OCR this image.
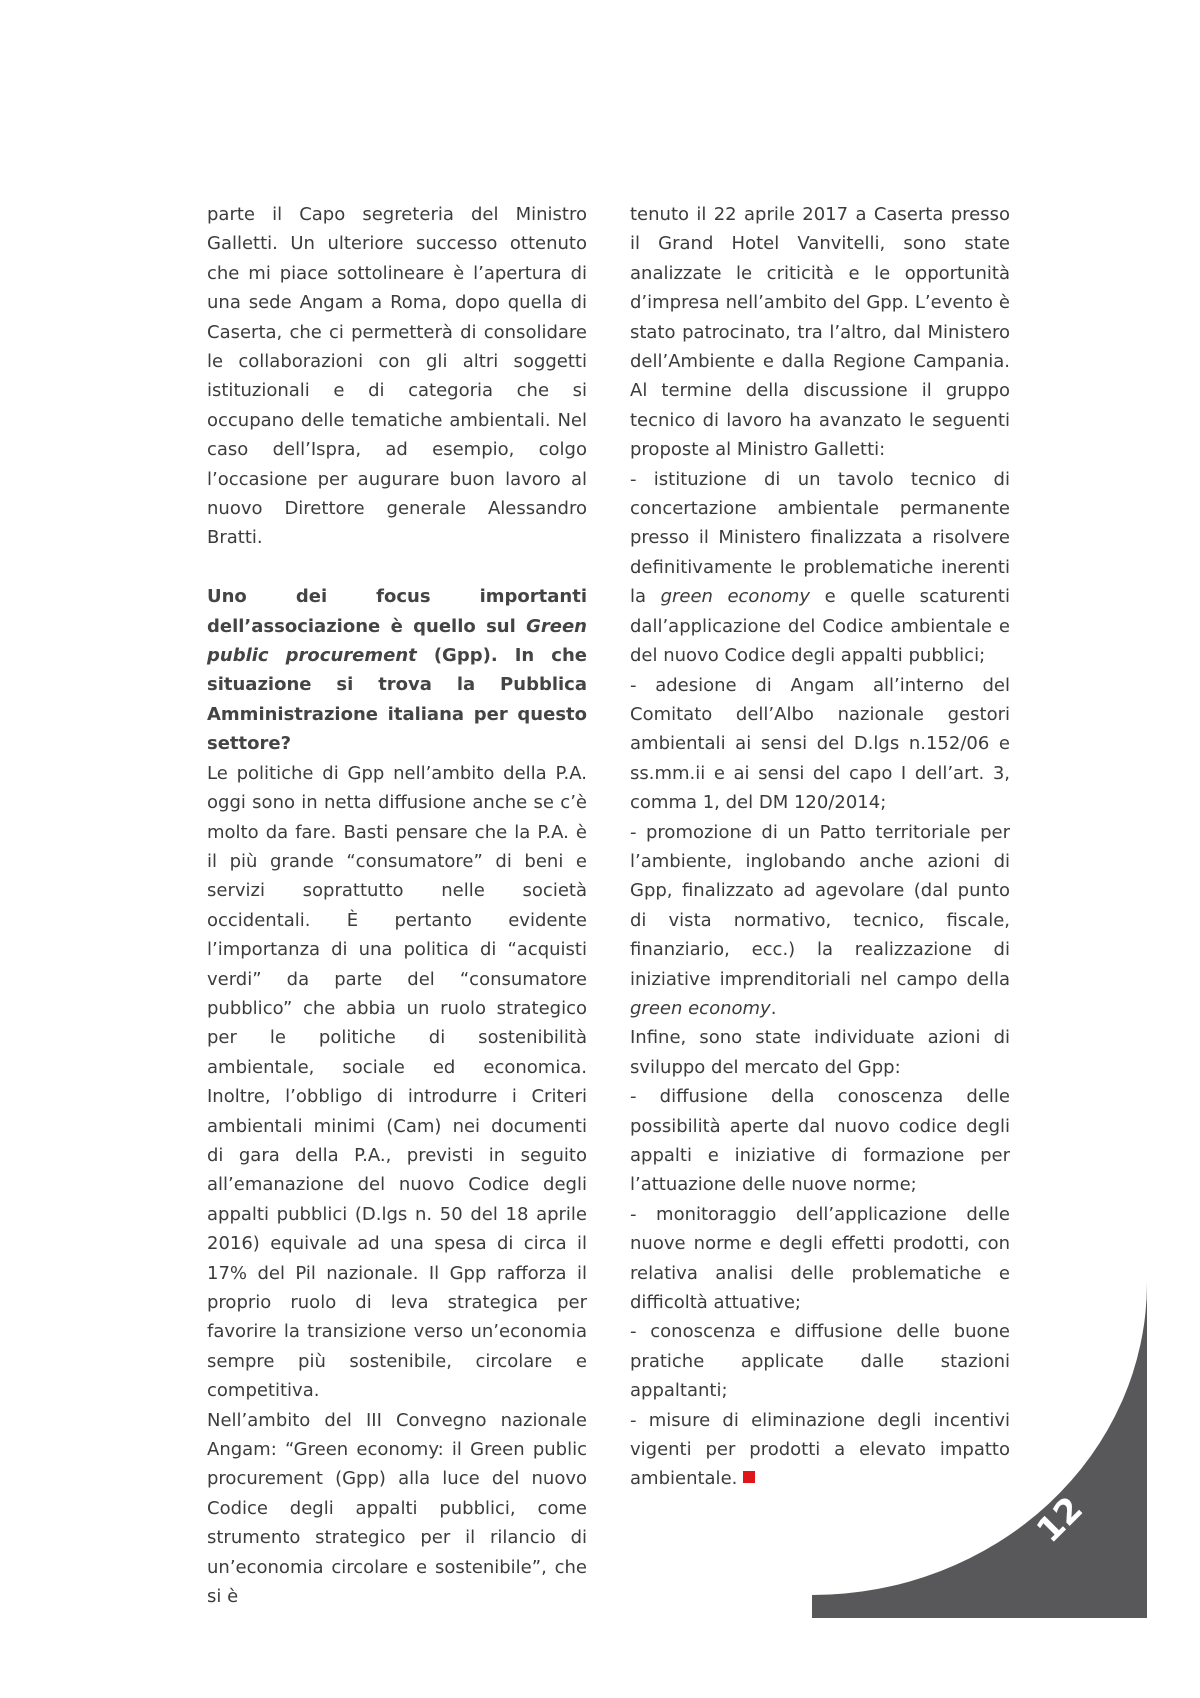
parte il Capo segreteria del Ministro Galletti. Un ulteriore successo ottenuto che mi piace sottolineare è l’apertura di una sede Angam a Roma, dopo quella di Caserta, che ci permetterà di consolidare le collaborazioni con gli altri soggetti istituzionali e di categoria che si occupano delle tematiche ambientali. Nel caso dell’Ispra, ad esempio, colgo l’occasione per augurare buon lavoro al nuovo Direttore generale Alessandro Bratti.

Uno dei focus importanti dell’associazione è quello sul Green public procurement (Gpp). In che situazione si trova la Pubblica Amministrazione italiana per questo settore?

Le politiche di Gpp nell’ambito della P.A. oggi sono in netta diffusione anche se c’è molto da fare. Basti pensare che la P.A. è il più grande “consumatore” di beni e servizi soprattutto nelle società occidentali. È pertanto evidente l’importanza di una politica di “acquisti verdi” da parte del “consumatore pubblico” che abbia un ruolo strategico per le politiche di sostenibilità ambientale, sociale ed economica. Inoltre, l’obbligo di introdurre i Criteri ambientali minimi (Cam) nei documenti di gara della P.A., previsti in seguito all’emanazione del nuovo Codice degli appalti pubblici (D.lgs n. 50 del 18 aprile 2016) equivale ad una spesa di circa il 17% del Pil nazionale. Il Gpp rafforza il proprio ruolo di leva strategica per favorire la transizione verso un’economia sempre più sostenibile, circolare e competitiva.

Nell’ambito del III Convegno nazionale Angam: “Green economy: il Green public procurement (Gpp) alla luce del nuovo Codice degli appalti pubblici, come strumento strategico per il rilancio di un’economia circolare e sostenibile”, che si è

tenuto il 22 aprile 2017 a Caserta presso il Grand Hotel Vanvitelli, sono state analizzate le criticità e le opportunità d’impresa nell’ambito del Gpp. L’evento è stato patrocinato, tra l’altro, dal Ministero dell’Ambiente e dalla Regione Campania. Al termine della discussione il gruppo tecnico di lavoro ha avanzato le seguenti proposte al Ministro Galletti:

- istituzione di un tavolo tecnico di concertazione ambientale permanente presso il Ministero finalizzata a risolvere definitivamente le problematiche inerenti la green economy e quelle scaturenti dall’applicazione del Codice ambientale e del nuovo Codice degli appalti pubblici;

- adesione di Angam all’interno del Comitato dell’Albo nazionale gestori ambientali ai sensi del D.lgs n.152/06 e ss.mm.ii e ai sensi del capo I dell’art. 3, comma 1, del DM 120/2014;

- promozione di un Patto territoriale per l’ambiente, inglobando anche azioni di Gpp, finalizzato ad agevolare (dal punto di vista normativo, tecnico, fiscale, finanziario, ecc.) la realizzazione di iniziative imprenditoriali nel campo della green economy.

Infine, sono state individuate azioni di sviluppo del mercato del Gpp:

- diffusione della conoscenza delle possibilità aperte dal nuovo codice degli appalti e iniziative di formazione per l’attuazione delle nuove norme;

- monitoraggio dell’applicazione delle nuove norme e degli effetti prodotti, con relativa analisi delle problematiche e difficoltà attuative;

- conoscenza e diffusione delle buone pratiche applicate dalle stazioni appaltanti;

- misure di eliminazione degli incentivi vigenti per prodotti a elevato impatto ambientale.

12
